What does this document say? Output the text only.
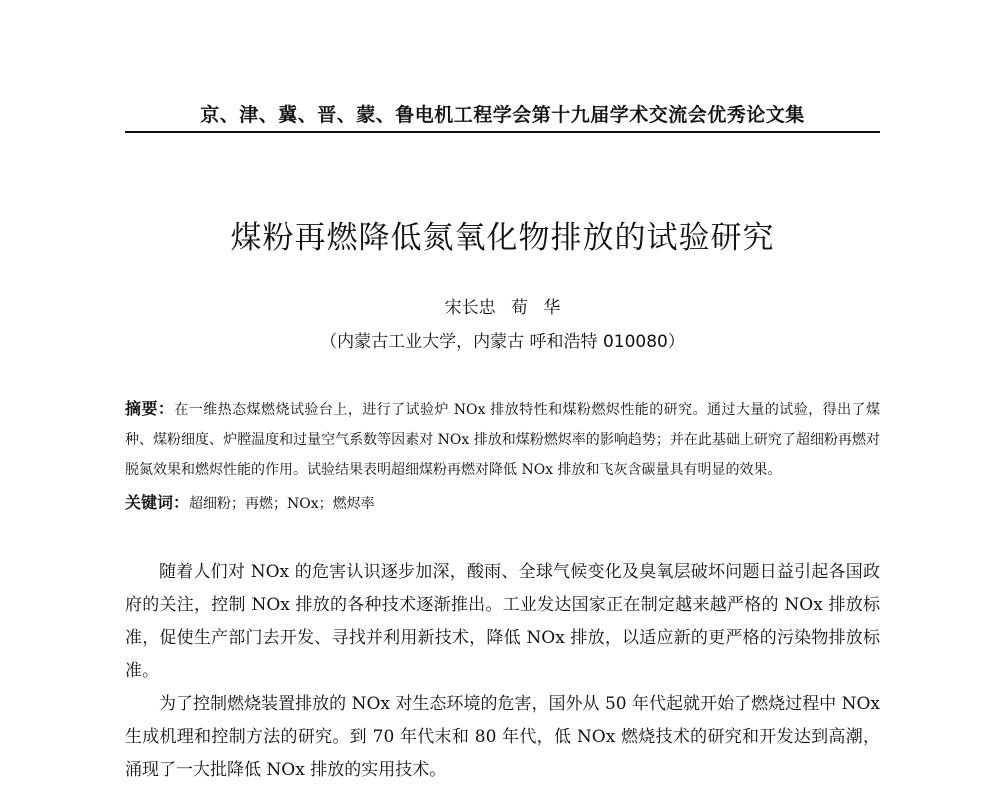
京、津、冀、晋、蒙、鲁电机工程学会第十九届学术交流会优秀论文集
煤粉再燃降低氮氧化物排放的试验研究
宋长忠 荀 华
（内蒙古工业大学，内蒙古 呼和浩特 010080）
摘要：在一维热态煤燃烧试验台上，进行了试验炉 NOx 排放特性和煤粉燃烬性能的研究。通过大量的试验，得出了煤种、煤粉细度、炉膛温度和过量空气系数等因素对 NOx 排放和煤粉燃烬率的影响趋势；并在此基础上研究了超细粉再燃对脱氮效果和燃烬性能的作用。试验结果表明超细煤粉再燃对降低 NOx 排放和飞灰含碳量具有明显的效果。
关键词：超细粉；再燃；NOx；燃烬率

随着人们对 NOx 的危害认识逐步加深，酸雨、全球气候变化及臭氧层破坏问题日益引起各国政府的关注，控制 NOx 排放的各种技术逐渐推出。工业发达国家正在制定越来越严格的 NOx 排放标准，促使生产部门去开发、寻找并利用新技术，降低 NOx 排放，以适应新的更严格的污染物排放标准。

为了控制燃烧装置排放的 NOx 对生态环境的危害，国外从 50 年代起就开始了燃烧过程中 NOx 生成机理和控制方法的研究。到 70 年代末和 80 年代，低 NOx 燃烧技术的研究和开发达到高潮，涌现了一大批降低 NOx 排放的实用技术。
